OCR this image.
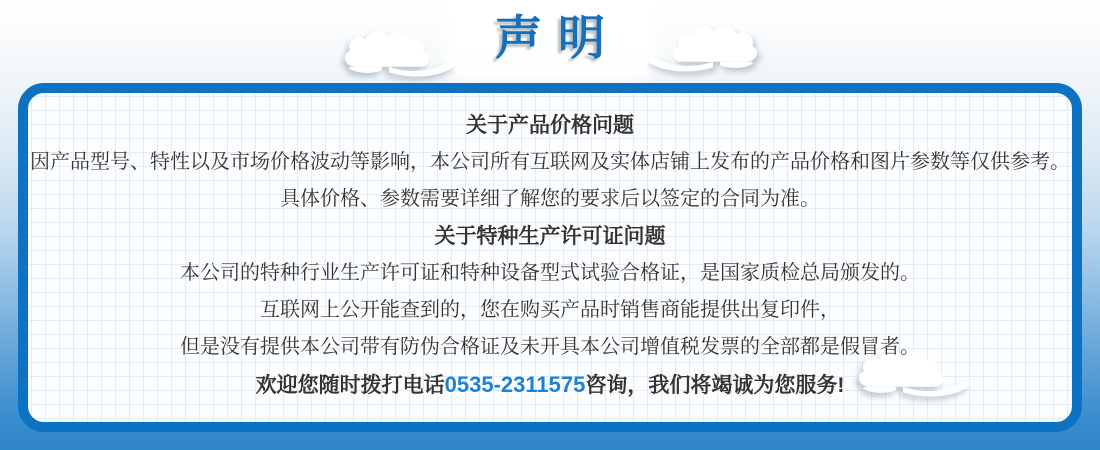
声明

关于产品价格问题

因产品型号、特性以及市场价格波动等影响，本公司所有互联网及实体店铺上发布的产品价格和图片参数等仅供参考。

具体价格、参数需要详细了解您的要求后以签定的合同为准。

关于特种生产许可证问题

本公司的特种行业生产许可证和特种设备型式试验合格证，是国家质检总局颁发的。

互联网上公开能查到的，您在购买产品时销售商能提供出复印件，

但是没有提供本公司带有防伪合格证及未开具本公司增值税发票的全部都是假冒者。

欢迎您随时拨打电话0535-2311575咨询，我们将竭诚为您服务!
